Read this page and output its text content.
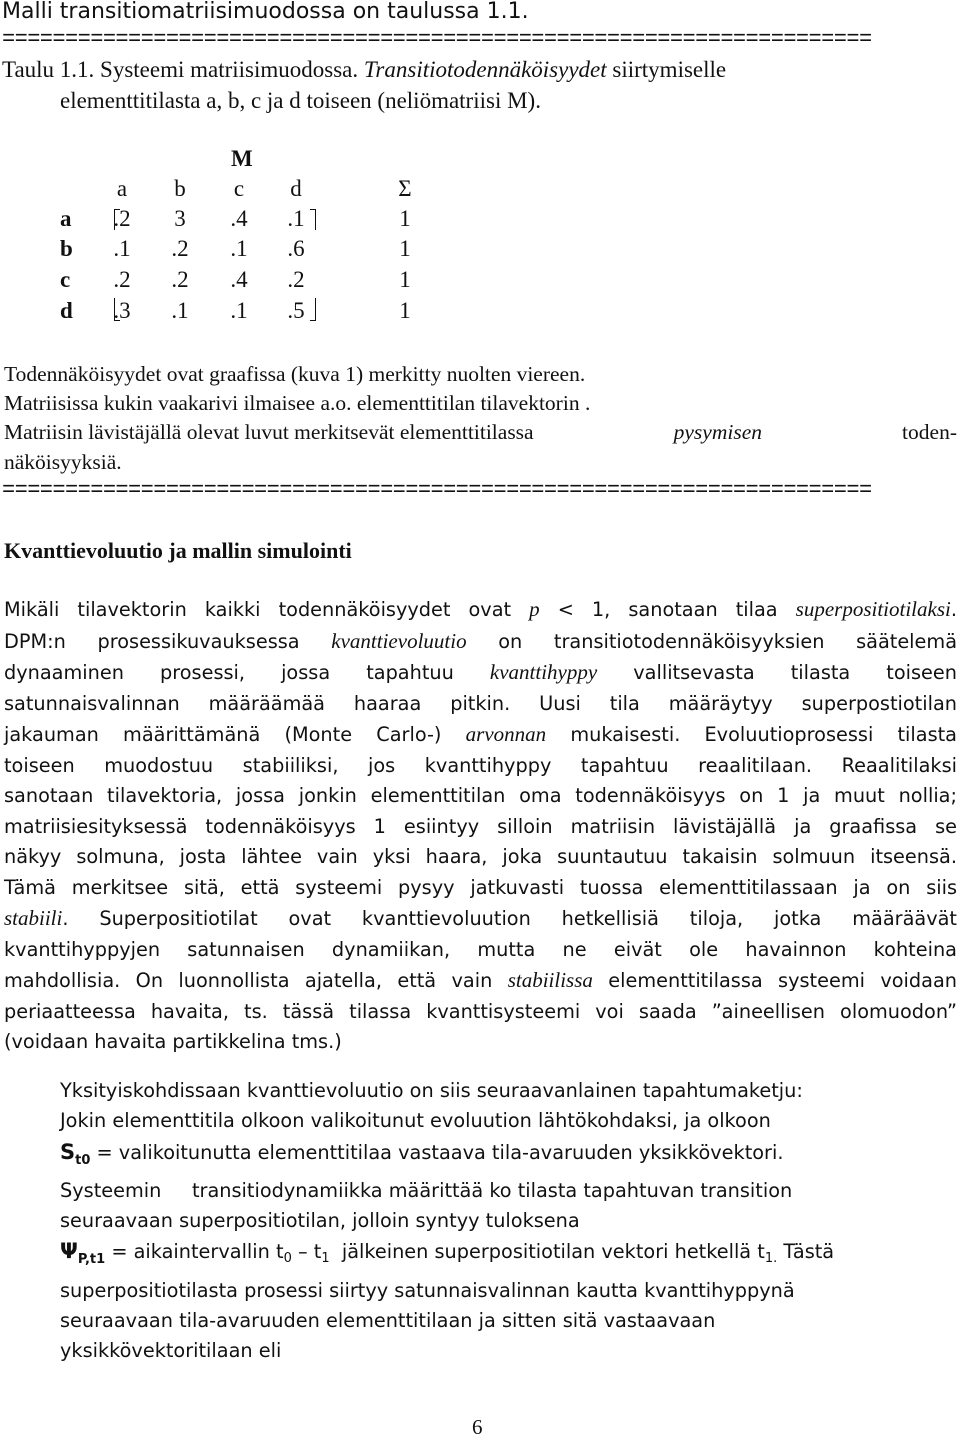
Malli transitiomatriisimuodossa on taulussa 1.1.
=====================================================================
Taulu 1.1. Systeemi matriisimuodossa. Transitiotodennäköisyydet siirtymiselle
elementtitilasta a, b, c ja d toiseen (neliömatriisi M).
M
a	b	c	d	Σ
a	.2	3	.4	.1	1
b	.1	.2	.1	.6	1
c	.2	.2	.4	.2	1
d	.3	.1	.1	.5	1
Todennäköisyydet ovat graafissa (kuva 1) merkitty nuolten viereen.
Matriisissa kukin vaakarivi ilmaisee a.o. elementtitilan tilavektorin .
Matriisin lävistäjällä olevat luvut merkitsevät elementtitilassa	pysymisen	toden-
näköisyyksiä.
=====================================================================
Kvanttievoluutio ja mallin simulointi
Mikäli tilavektorin kaikki todennäköisyydet ovat p < 1, sanotaan tilaa superpositiotilaksi.
DPM:n prosessikuvauksessa kvanttievoluutio on transitiotodennäköisyyksien säätelemä
dynaaminen prosessi, jossa tapahtuu kvanttihyppy vallitsevasta tilasta toiseen
satunnaisvalinnan määräämää haaraa pitkin. Uusi tila määräytyy superpostiotilan
jakauman määrittämänä (Monte Carlo-) arvonnan mukaisesti. Evoluutioprosessi tilasta
toiseen muodostuu stabiiliksi, jos kvanttihyppy tapahtuu reaalitilaan. Reaalitilaksi
sanotaan tilavektoria, jossa jonkin elementtitilan oma todennäköisyys on 1 ja muut nollia;
matriisiesityksessä todennäköisyys 1 esiintyy silloin matriisin lävistäjällä ja graafissa se
näkyy solmuna, josta lähtee vain yksi haara, joka suuntautuu takaisin solmuun itseensä.
Tämä merkitsee sitä, että systeemi pysyy jatkuvasti tuossa elementtitilassaan ja on siis
stabiili. Superpositiotilat ovat kvanttievoluution hetkellisiä tiloja, jotka määräävät
kvanttihyppyjen satunnaisen dynamiikan, mutta ne eivät ole havainnon kohteina
mahdollisia. On luonnollista ajatella, että vain stabiilissa elementtitilassa systeemi voidaan
periaatteessa havaita, ts. tässä tilassa kvanttisysteemi voi saada ”aineellisen olomuodon”
(voidaan havaita partikkelina tms.)
Yksityiskohdissaan kvanttievoluutio on siis seuraavanlainen tapahtumaketju:
Jokin elementtitila olkoon valikoitunut evoluution lähtökohdaksi, ja olkoon
$S_{t0}$ = valikoitunutta elementtitilaa vastaava tila-avaruuden yksikkövektori.
Systeemin     transitiodynamiikka määrittää ko tilasta tapahtuvan transition
seuraavaan superpositiotilan, jolloin syntyy tuloksena
$\Psi_{P,t1}$ = aikaintervallin $t_0 - t_1$  jälkeinen superpositiotilan vektori hetkellä $t_{1.}$ Tästä
superpositiotilasta prosessi siirtyy satunnaisvalinnan kautta kvanttihyppynä
seuraavaan tila-avaruuden elementtitilaan ja sitten sitä vastaavaan
yksikkövektoritilaan eli
6
